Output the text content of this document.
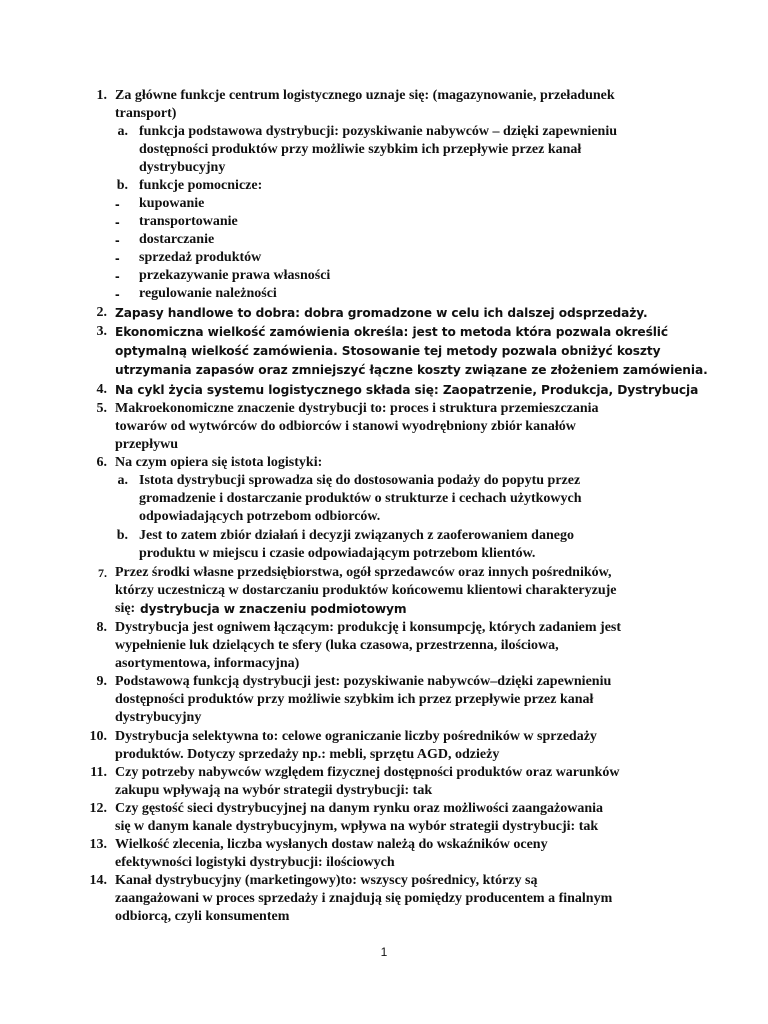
1. Za główne funkcje centrum logistycznego uznaje się: (magazynowanie, przeładunek
transport)
a. funkcja podstawowa dystrybucji: pozyskiwanie nabywców – dzięki zapewnieniu
dostępności produktów przy możliwie szybkim ich przepływie przez kanał
dystrybucyjny
b. funkcje pomocnicze:
- kupowanie
- transportowanie
- dostarczanie
- sprzedaż produktów
- przekazywanie prawa własności
- regulowanie należności
2. Zapasy handlowe to dobra: dobra gromadzone w celu ich dalszej odsprzedaży.
3. Ekonomiczna wielkość zamówienia określa: jest to metoda która pozwala określić
optymalną wielkość zamówienia. Stosowanie tej metody pozwala obniżyć koszty
utrzymania zapasów oraz zmniejszyć łączne koszty związane ze złożeniem zamówienia.
4. Na cykl życia systemu logistycznego składa się: Zaopatrzenie, Produkcja, Dystrybucja
5. Makroekonomiczne znaczenie dystrybucji to: proces i struktura przemieszczania
towarów od wytwórców do odbiorców i stanowi wyodrębniony zbiór kanałów
przepływu
6. Na czym opiera się istota logistyki:
a. Istota dystrybucji sprowadza się do dostosowania podaży do popytu przez
gromadzenie i dostarczanie produktów o strukturze i cechach użytkowych
odpowiadających potrzebom odbiorców.
b. Jest to zatem zbiór działań i decyzji związanych z zaoferowaniem danego
produktu w miejscu i czasie odpowiadającym potrzebom klientów.
7. Przez środki własne przedsiębiorstwa, ogół sprzedawców oraz innych pośredników,
którzy uczestniczą w dostarczaniu produktów końcowemu klientowi charakteryzuje
się: dystrybucja w znaczeniu podmiotowym
8. Dystrybucja jest ogniwem łączącym: produkcję i konsumpcję, których zadaniem jest
wypełnienie luk dzielących te sfery (luka czasowa, przestrzenna, ilościowa,
asortymentowa, informacyjna)
9. Podstawową funkcją dystrybucji jest: pozyskiwanie nabywców–dzięki zapewnieniu
dostępności produktów przy możliwie szybkim ich przez przepływie przez kanał
dystrybucyjny
10. Dystrybucja selektywna to: celowe ograniczanie liczby pośredników w sprzedaży
produktów. Dotyczy sprzedaży np.: mebli, sprzętu AGD, odzieży
11. Czy potrzeby nabywców względem fizycznej dostępności produktów oraz warunków
zakupu wpływają na wybór strategii dystrybucji: tak
12. Czy gęstość sieci dystrybucyjnej na danym rynku oraz możliwości zaangażowania
się w danym kanale dystrybucyjnym, wpływa na wybór strategii dystrybucji: tak
13. Wielkość zlecenia, liczba wysłanych dostaw należą do wskaźników oceny
efektywności logistyki dystrybucji: ilościowych
14. Kanał dystrybucyjny (marketingowy)to: wszyscy pośrednicy, którzy są
zaangażowani w proces sprzedaży i znajdują się pomiędzy producentem a finalnym
odbiorcą, czyli konsumentem
1
